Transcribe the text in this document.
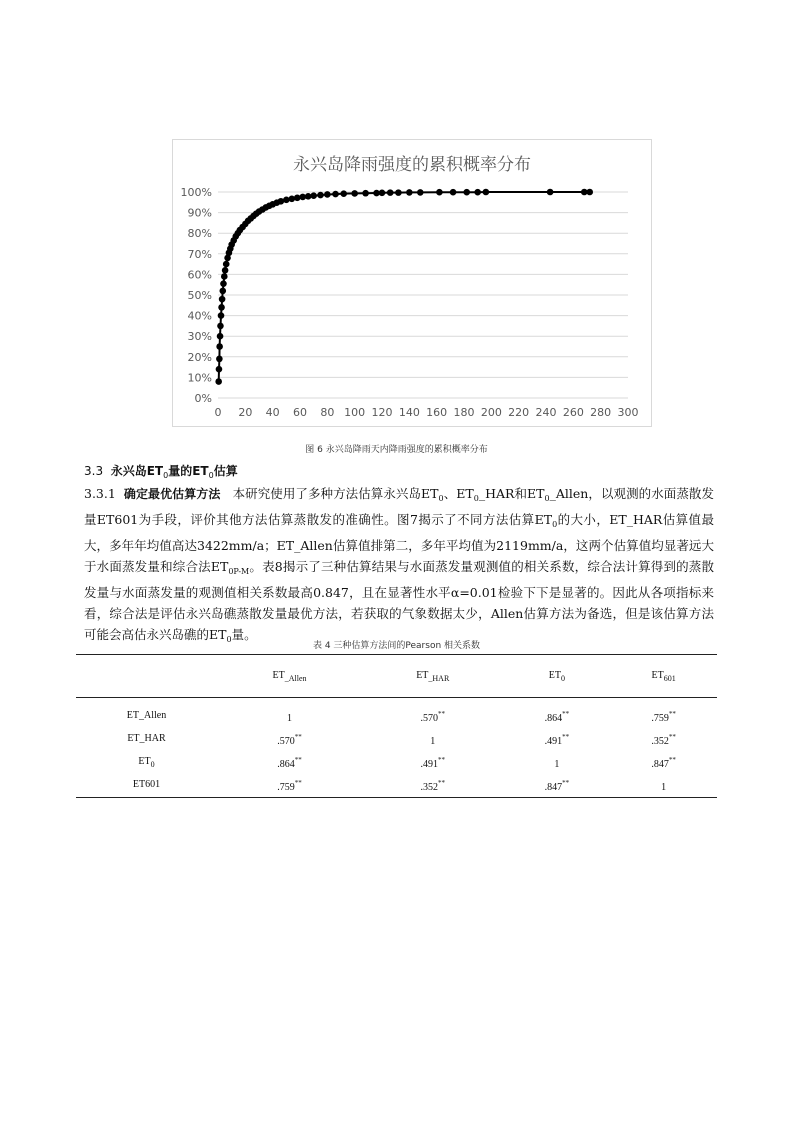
永兴岛降雨强度的累积概率分布
0%
10%
20%
30%
40%
50%
60%
70%
80%
90%
100%
0 20 40 60 80 100 120 140 160 180 200 220 240 260 280 300
图 6 永兴岛降雨天内降雨强度的累积概率分布
3.3 永兴岛$ET_0$量的$ET_0$估算

3.3.1 确定最优估算方法 本研究使用了多种方法估算永兴岛$ET_0$、$ET_0\_HAR$和$ET_0\_Allen$，以观测的水面蒸散发量ET601为手段，评价其他方法估算蒸散发的准确性。图7揭示了不同方法估算$ET_0$的大小，ET_HAR估算值最大，多年年均值高达3422mm/a；ET_Allen估算值排第二，多年平均值为2119mm/a，这两个估算值均显著远大于水面蒸发量和综合法$ET_{0P-M}$。表8揭示了三种估算结果与水面蒸发量观测值的相关系数，综合法计算得到的蒸散发量与水面蒸发量的观测值相关系数最高0.847，且在显著性水平α=0.01检验下下是显著的。因此从各项指标来看，综合法是评估永兴岛礁蒸散发量最优方法，若获取的气象数据太少，Allen估算方法为备选，但是该估算方法可能会高估永兴岛礁的$ET_0$量。

表 4 三种估算方法间的Pearson 相关系数
	$ET_{\_Allen}$	$ET_{\_HAR}$	$ET_0$	$ET_{601}$
ET_Allen	1	.570**	.864**	.759**
ET_HAR	.570**	1	.491**	.352**
$ET_0$	.864**	.491**	1	.847**
ET601	.759**	.352**	.847**	1
